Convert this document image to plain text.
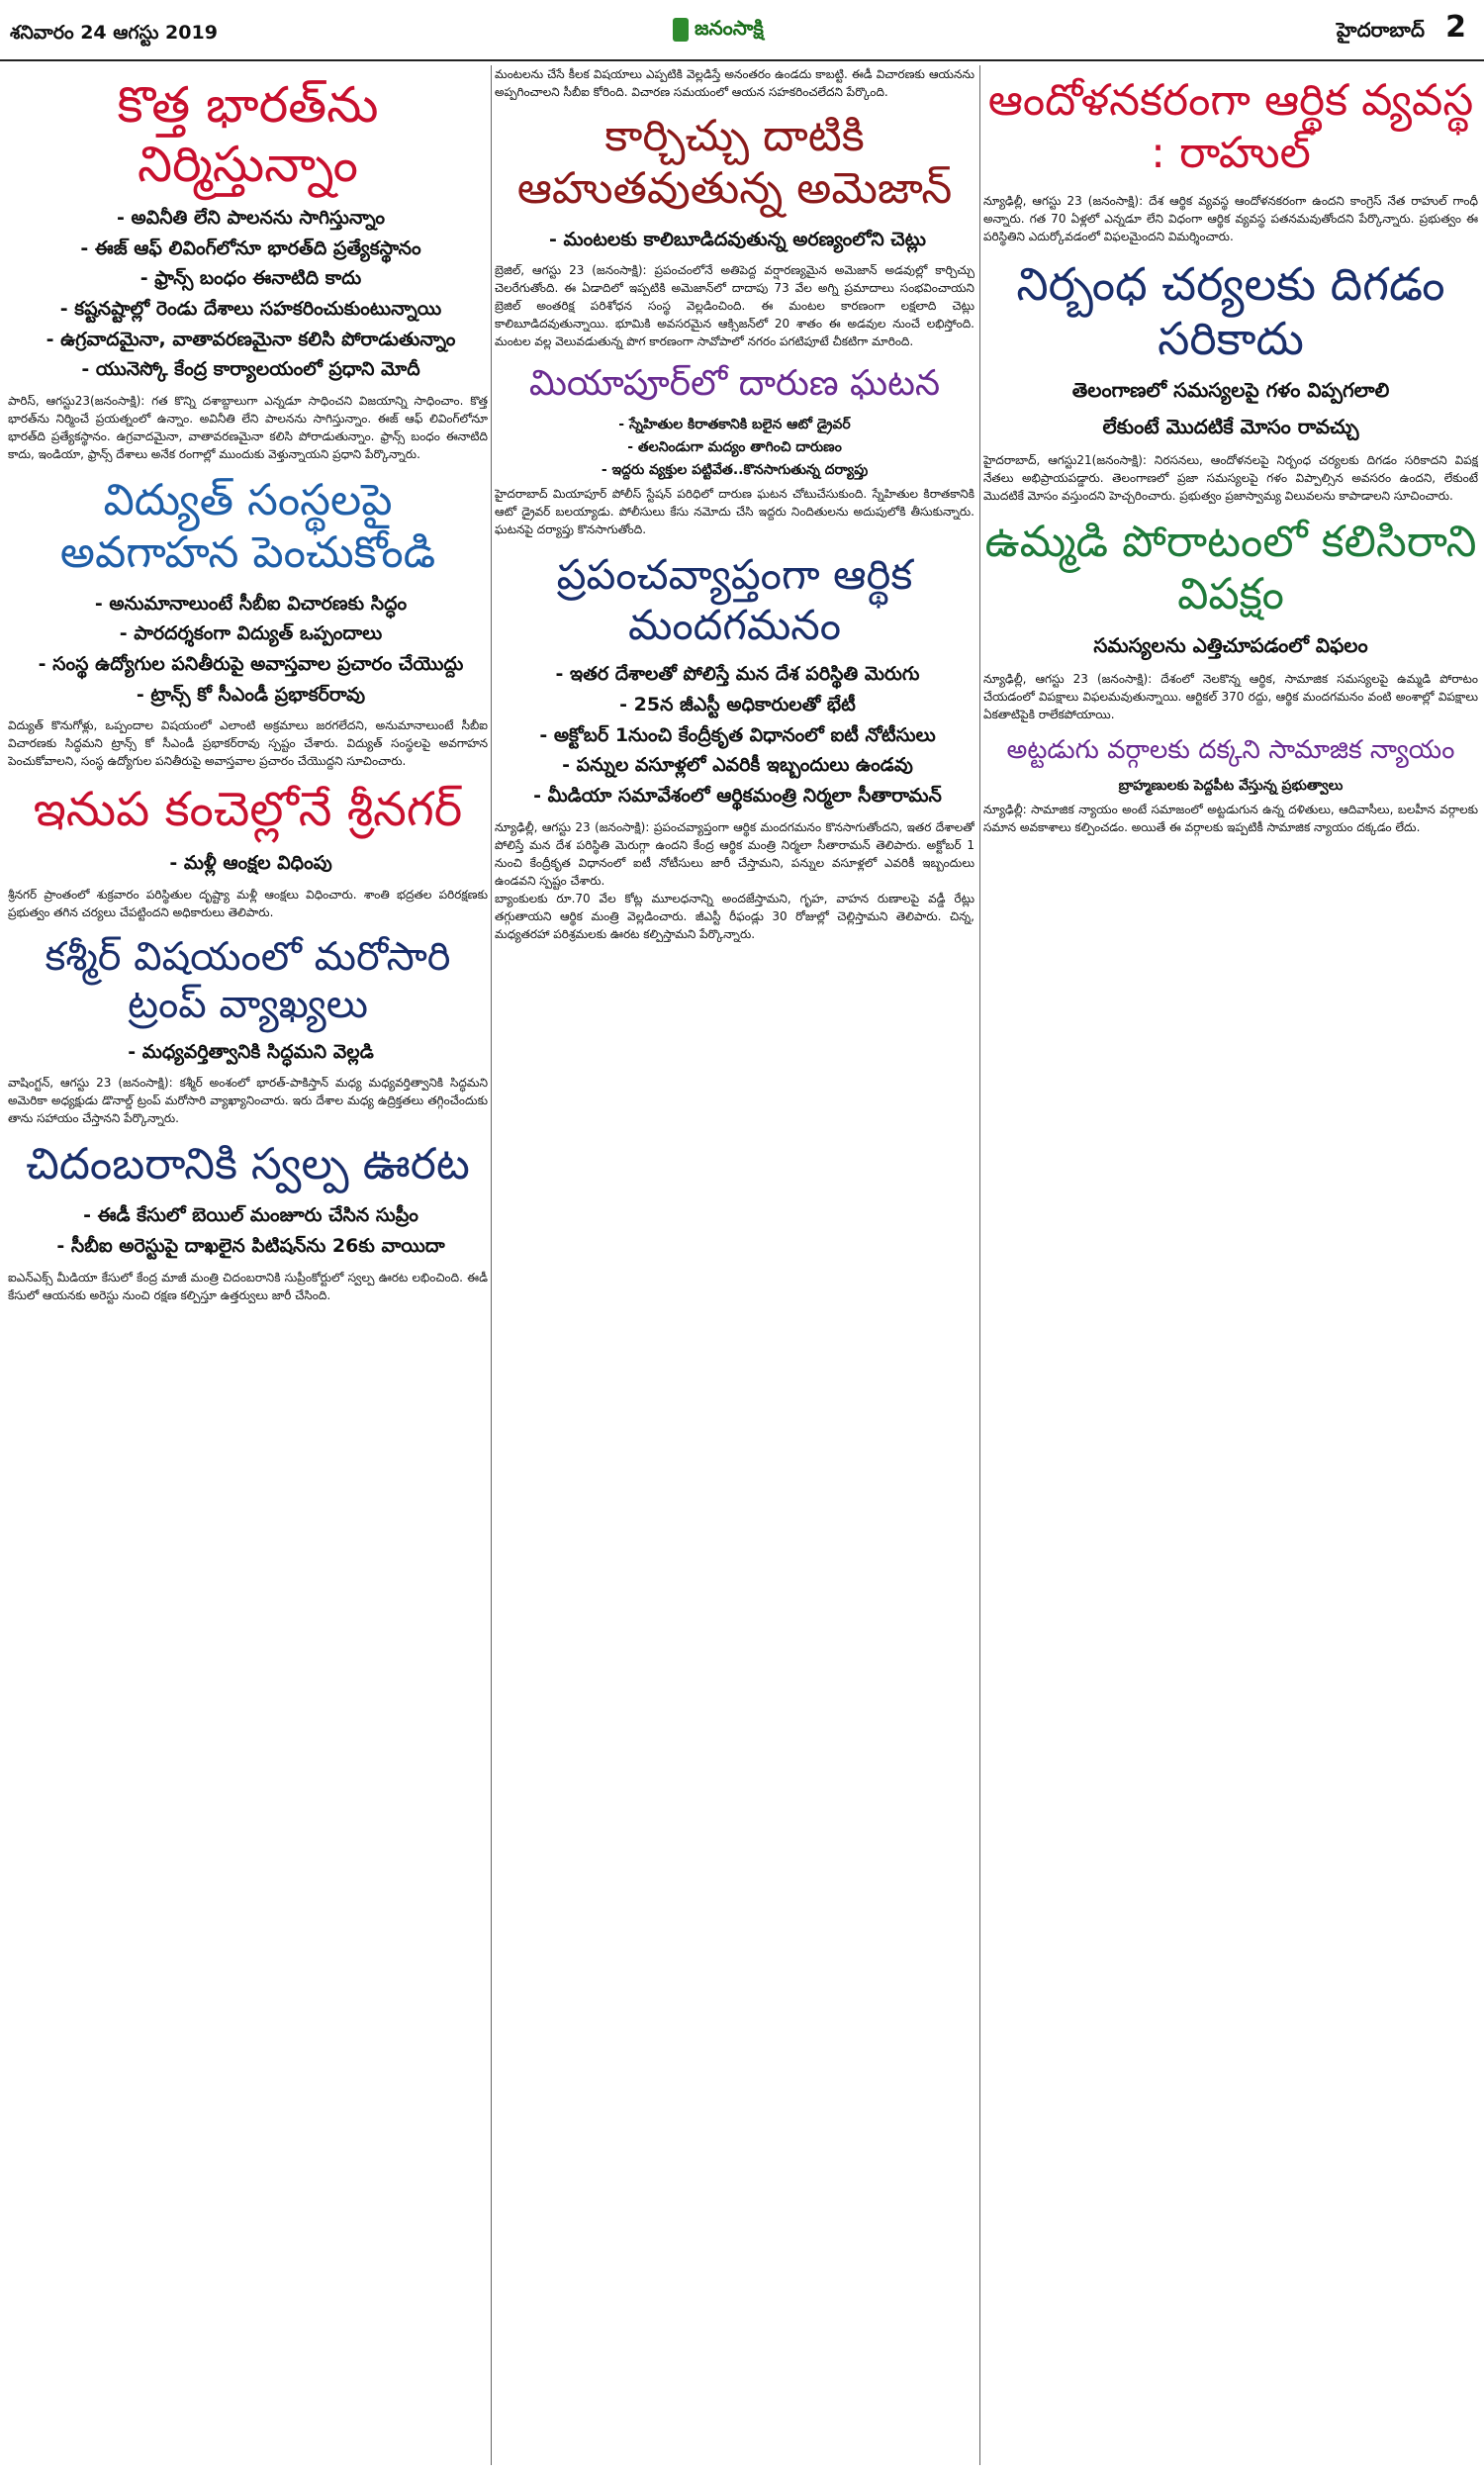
శనివారం 24 ఆగస్టు 2019	జనంసాక్షి	హైదరాబాద్ 2
కొత్త భారత్‌ను నిర్మిస్తున్నాం
- అవినీతి లేని పాలనను సాగిస్తున్నాం
- ఈజ్‌ ఆఫ్‌ లివింగ్‌లోనూ భారత్‌ది ప్రత్యేకస్థానం
- ఫ్రాన్స్‌ బంధం ఈనాటిది కాదు
- కష్టనష్టాల్లో రెండు దేశాలు సహకరించుకుంటున్నాయి
- ఉగ్రవాదమైనా, వాతావరణమైనా కలిసి పోరాడుతున్నాం
- యునెస్కో కేంద్ర కార్యాలయంలో ప్రధాని మోదీ

పారిస్‌, ఆగస్టు23(జనంసాక్షి): గత కొన్ని దశాబ్దాలుగా ఎన్నడూ సాధించని విజయాన్ని సాధించాం. కొత్త భారత్‌ను నిర్మించే ప్రయత్నంలో ఉన్నాం. అవినీతి లేని పాలనను సాగిస్తున్నాం. ఈజ్‌ ఆఫ్‌ లివింగ్‌లోనూ భారత్‌ది ప్రత్యేకస్థానం. ఉగ్రవాదమైనా, వాతావరణమైనా కలిసి పోరాడుతున్నాం. ఫ్రాన్స్‌ బంధం ఈనాటిది కాదు, ఇండియా, ఫ్రాన్స్‌ దేశాలు అనేక రంగాల్లో ముందుకు వెళ్తున్నాయని ప్రధాని పేర్కొన్నారు.

విద్యుత్‌ సంస్థలపై అవగాహన పెంచుకోండి
- అనుమానాలుంటే సీబీఐ విచారణకు సిద్ధం
- పారదర్శకంగా విద్యుత్‌ ఒప్పందాలు
- సంస్థ ఉద్యోగుల పనితీరుపై అవాస్తవాల ప్రచారం చేయొద్దు
- ట్రాన్స్‌ కో సీఎండీ ప్రభాకర్‌రావు

విద్యుత్‌ కొనుగోళ్లు, ఒప్పందాల విషయంలో ఎలాంటి అక్రమాలు జరగలేదని, అనుమానాలుంటే సీబీఐ విచారణకు సిద్ధమని ట్రాన్స్‌ కో సీఎండీ ప్రభాకర్‌రావు స్పష్టం చేశారు. విద్యుత్‌ సంస్థలపై అవగాహన పెంచుకోవాలని, సంస్థ ఉద్యోగుల పనితీరుపై అవాస్తవాల ప్రచారం చేయొద్దని సూచించారు.

ఇనుప కంచెల్లోనే శ్రీనగర్‌
- మళ్లీ ఆంక్షల విధింపు

శ్రీనగర్‌ ప్రాంతంలో శుక్రవారం పరిస్థితుల దృష్ట్యా మళ్లీ ఆంక్షలు విధించారు. శాంతి భద్రతల పరిరక్షణకు ప్రభుత్వం తగిన చర్యలు చేపట్టిందని అధికారులు తెలిపారు.

కశ్మీర్‌ విషయంలో మరోసారి ట్రంప్‌ వ్యాఖ్యలు
- మధ్యవర్తిత్వానికి సిద్ధమని వెల్లడి

వాషింగ్టన్‌, ఆగస్టు 23 (జనంసాక్షి): కశ్మీర్‌ అంశంలో భారత్‌-పాకిస్తాన్‌ మధ్య మధ్యవర్తిత్వానికి సిద్ధమని అమెరికా అధ్యక్షుడు డొనాల్డ్‌ ట్రంప్‌ మరోసారి వ్యాఖ్యానించారు. ఇరు దేశాల మధ్య ఉద్రిక్తతలు తగ్గించేందుకు తాను సహాయం చేస్తానని పేర్కొన్నారు.

చిదంబరానికి స్వల్ప ఊరట
- ఈడీ కేసులో బెయిల్‌ మంజూరు చేసిన సుప్రీం
- సీబీఐ అరెస్టుపై దాఖలైన పిటిషన్‌ను 26కు వాయిదా

ఐఎన్‌ఎక్స్‌ మీడియా కేసులో కేంద్ర మాజీ మంత్రి చిదంబరానికి సుప్రీంకోర్టులో స్వల్ప ఊరట లభించింది. ఈడీ కేసులో ఆయనకు అరెస్టు నుంచి రక్షణ కల్పిస్తూ ఉత్తర్వులు జారీ చేసింది.

మంటలను చేసే కీలక విషయాలు ఎప్పటికి వెల్లడిస్తే అనంతరం ఉండదు కాబట్టి. ఈడీ విచారణకు ఆయనను అప్పగించాలని సీబీఐ కోరింది. విచారణ సమయంలో ఆయన సహకరించలేదని పేర్కొంది.

కార్చిచ్చు దాటికి ఆహుతవుతున్న అమెజాన్‌
- మంటలకు కాలిబూడిదవుతున్న అరణ్యంలోని చెట్లు

బ్రెజిల్‌, ఆగస్టు 23 (జనంసాక్షి): ప్రపంచంలోనే అతిపెద్ద వర్షారణ్యమైన అమెజాన్‌ అడవుల్లో కార్చిచ్చు చెలరేగుతోంది. ఈ ఏడాదిలో ఇప్పటికి అమెజాన్‌లో దాదాపు 73 వేల అగ్ని ప్రమాదాలు సంభవించాయని బ్రెజిల్‌ అంతరిక్ష పరిశోధన సంస్థ వెల్లడించింది. ఈ మంటల కారణంగా లక్షలాది చెట్లు కాలిబూడిదవుతున్నాయి. భూమికి అవసరమైన ఆక్సిజన్‌లో 20 శాతం ఈ అడవుల నుంచే లభిస్తోంది. మంటల వల్ల వెలువడుతున్న పొగ కారణంగా సావోపాలో నగరం పగటిపూటే చీకటిగా మారింది.

మియాపూర్‌లో దారుణ ఘటన
- స్నేహితుల కిరాతకానికి బలైన ఆటో డ్రైవర్‌
- తలనిండుగా మద్యం తాగించి దారుణం
- ఇద్దరు వ్యక్తుల పట్టివేత..కొనసాగుతున్న దర్యాప్తు

హైదరాబాద్‌ మియాపూర్‌ పోలీస్‌ స్టేషన్‌ పరిధిలో దారుణ ఘటన చోటుచేసుకుంది. స్నేహితుల కిరాతకానికి ఆటో డ్రైవర్‌ బలయ్యాడు. పోలీసులు కేసు నమోదు చేసి ఇద్దరు నిందితులను అదుపులోకి తీసుకున్నారు. ఘటనపై దర్యాప్తు కొనసాగుతోంది.

ప్రపంచవ్యాప్తంగా ఆర్థిక మందగమనం
- ఇతర దేశాలతో పోలిస్తే మన దేశ పరిస్థితి మెరుగు
- 25న జీఎస్టీ అధికారులతో భేటీ
- అక్టోబర్‌ 1నుంచి కేంద్రీకృత విధానంలో ఐటీ నోటీసులు
- పన్నుల వసూళ్లలో ఎవరికీ ఇబ్బందులు ఉండవు
- మీడియా సమావేశంలో ఆర్థికమంత్రి నిర్మలా సీతారామన్‌

న్యూఢిల్లీ, ఆగస్టు 23 (జనంసాక్షి): ప్రపంచవ్యాప్తంగా ఆర్థిక మందగమనం కొనసాగుతోందని, ఇతర దేశాలతో పోలిస్తే మన దేశ పరిస్థితి మెరుగ్గా ఉందని కేంద్ర ఆర్థిక మంత్రి నిర్మలా సీతారామన్‌ తెలిపారు. అక్టోబర్‌ 1 నుంచి కేంద్రీకృత విధానంలో ఐటీ నోటీసులు జారీ చేస్తామని, పన్నుల వసూళ్లలో ఎవరికీ ఇబ్బందులు ఉండవని స్పష్టం చేశారు.

బ్యాంకులకు రూ.70 వేల కోట్ల మూలధనాన్ని అందజేస్తామని, గృహ, వాహన రుణాలపై వడ్డీ రేట్లు తగ్గుతాయని ఆర్థిక మంత్రి వెల్లడించారు. జీఎస్టీ రీఫండ్లు 30 రోజుల్లో చెల్లిస్తామని తెలిపారు. చిన్న, మధ్యతరహా పరిశ్రమలకు ఊరట కల్పిస్తామని పేర్కొన్నారు.

ఆందోళనకరంగా ఆర్థిక వ్యవస్థ : రాహుల్‌

న్యూఢిల్లీ, ఆగస్టు 23 (జనంసాక్షి): దేశ ఆర్థిక వ్యవస్థ ఆందోళనకరంగా ఉందని కాంగ్రెస్‌ నేత రాహుల్‌ గాంధీ అన్నారు. గత 70 ఏళ్లలో ఎన్నడూ లేని విధంగా ఆర్థిక వ్యవస్థ పతనమవుతోందని పేర్కొన్నారు. ప్రభుత్వం ఈ పరిస్థితిని ఎదుర్కోవడంలో విఫలమైందని విమర్శించారు.

నిర్బంధ చర్యలకు దిగడం సరికాదు
తెలంగాణలో సమస్యలపై గళం విప్పగలాలి
లేకుంటే మొదటికే మోసం రావచ్చు

హైదరాబాద్‌, ఆగస్టు21(జనంసాక్షి): నిరసనలు, ఆందోళనలపై నిర్బంధ చర్యలకు దిగడం సరికాదని విపక్ష నేతలు అభిప్రాయపడ్డారు. తెలంగాణలో ప్రజా సమస్యలపై గళం విప్పాల్సిన అవసరం ఉందని, లేకుంటే మొదటికే మోసం వస్తుందని హెచ్చరించారు. ప్రభుత్వం ప్రజాస్వామ్య విలువలను కాపాడాలని సూచించారు.

ఉమ్మడి పోరాటంలో కలిసిరాని విపక్షం
సమస్యలను ఎత్తిచూపడంలో విఫలం

న్యూఢిల్లీ, ఆగస్టు 23 (జనంసాక్షి): దేశంలో నెలకొన్న ఆర్థిక, సామాజిక సమస్యలపై ఉమ్మడి పోరాటం చేయడంలో విపక్షాలు విఫలమవుతున్నాయి. ఆర్టికల్‌ 370 రద్దు, ఆర్థిక మందగమనం వంటి అంశాల్లో విపక్షాలు ఏకతాటిపైకి రాలేకపోయాయి.

అట్టడుగు వర్గాలకు దక్కని సామాజిక న్యాయం
బ్రాహ్మణులకు పెద్దపీట వేస్తున్న ప్రభుత్వాలు

న్యూఢిల్లీ: సామాజిక న్యాయం అంటే సమాజంలో అట్టడుగున ఉన్న దళితులు, ఆదివాసీలు, బలహీన వర్గాలకు సమాన అవకాశాలు కల్పించడం. అయితే ఈ వర్గాలకు ఇప్పటికీ సామాజిక న్యాయం దక్కడం లేదు.
